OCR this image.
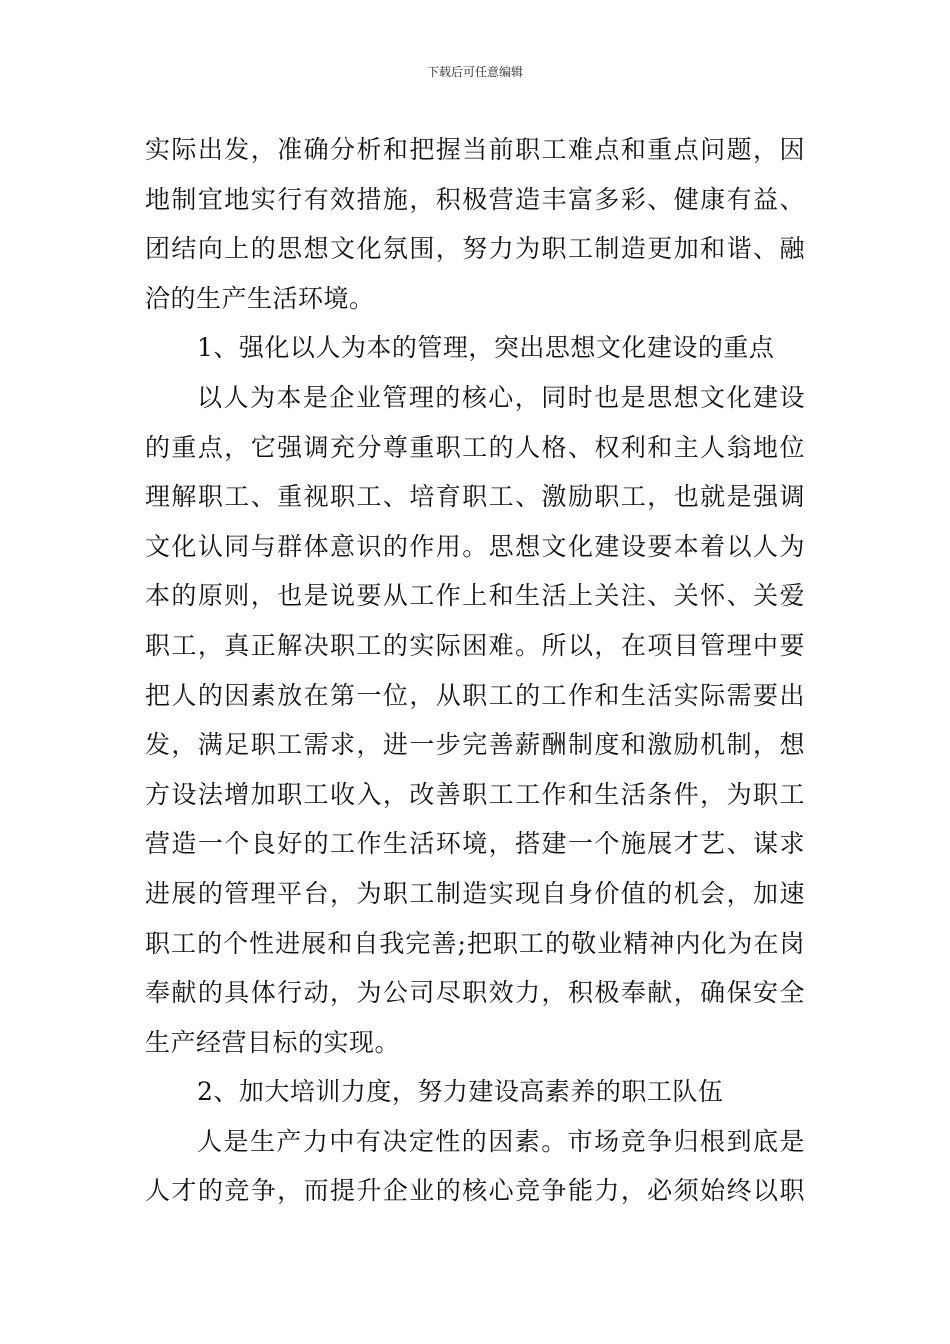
下载后可任意编辑
实际出发，准确分析和把握当前职工难点和重点问题，因
地制宜地实行有效措施，积极营造丰富多彩、健康有益、
团结向上的思想文化氛围，努力为职工制造更加和谐、融
洽的生产生活环境。
1、强化以人为本的管理，突出思想文化建设的重点
以人为本是企业管理的核心，同时也是思想文化建设
的重点，它强调充分尊重职工的人格、权利和主人翁地位
理解职工、重视职工、培育职工、激励职工，也就是强调
文化认同与群体意识的作用。思想文化建设要本着以人为
本的原则，也是说要从工作上和生活上关注、关怀、关爱
职工，真正解决职工的实际困难。所以，在项目管理中要
把人的因素放在第一位，从职工的工作和生活实际需要出
发，满足职工需求，进一步完善薪酬制度和激励机制，想
方设法增加职工收入，改善职工工作和生活条件，为职工
营造一个良好的工作生活环境，搭建一个施展才艺、谋求
进展的管理平台，为职工制造实现自身价值的机会，加速
职工的个性进展和自我完善;把职工的敬业精神内化为在岗
奉献的具体行动，为公司尽职效力，积极奉献，确保安全
生产经营目标的实现。
2、加大培训力度，努力建设高素养的职工队伍
人是生产力中有决定性的因素。市场竞争归根到底是
人才的竞争，而提升企业的核心竞争能力，必须始终以职
